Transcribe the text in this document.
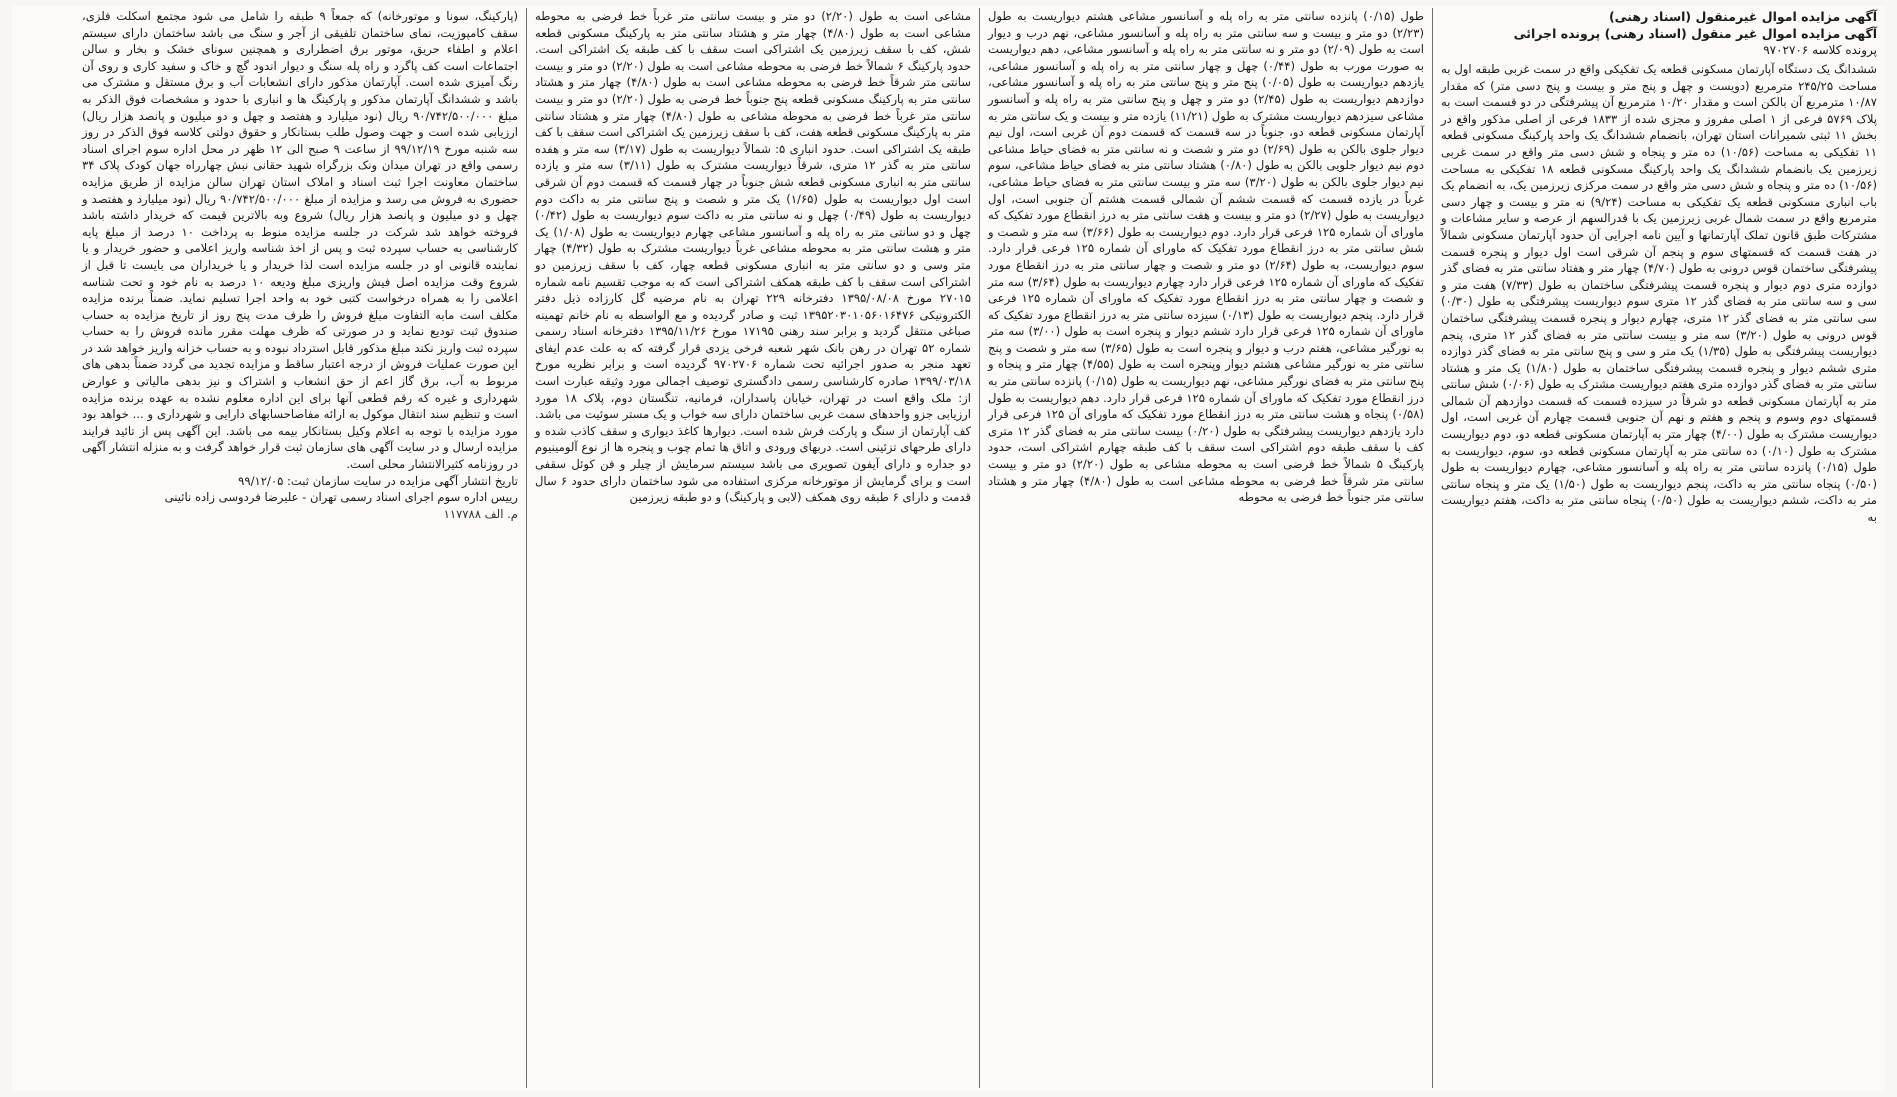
آگهی مزایده اموال غیرمنقول (اسناد رهنی)
آگهی مزایده اموال غیر منقول (اسناد رهنی) پرونده اجرائی
پرونده کلاسه ۹۷۰۲۷۰۶

ششدانگ یک دستگاه آپارتمان مسکونی قطعه یک تفکیکی واقع در سمت غربی طبقه اول به مساحت ۲۴۵/۲۵ مترمربع (دویست و چهل و پنج متر و بیست و پنج دسی متر) که مقدار ۱۰/۸۷ مترمربع آن بالکن است و مقدار ۱۰/۲۰ مترمربع آن پیشرفتگی در دو قسمت است به پلاک ۵۷۶۹ فرعی از ۱ اصلی مفروز و مجزی شده از ۱۸۳۳ فرعی از اصلی مذکور واقع در بخش ۱۱ ثبتی شمیرانات استان تهران، بانضمام ششدانگ یک واحد پارکینگ مسکونی قطعه ۱۱ تفکیکی به مساحت (۱۰/۵۶) ده متر و پنجاه و شش دسی متر واقع در سمت غربی زیرزمین یک بانضمام ششدانگ یک واحد پارکینگ مسکونی قطعه ۱۸ تفکیکی به مساحت (۱۰/۵۶) ده متر و پنجاه و شش دسی متر واقع در سمت مرکزی زیرزمین یک، به انضمام یک باب انباری مسکونی قطعه یک تفکیکی به مساحت (۹/۲۴) نه متر و بیست و چهار دسی مترمربع واقع در سمت شمال غربی زیرزمین یک با قدرالسهم از عرصه و سایر مشاعات و مشترکات طبق قانون تملک آپارتمانها و آیین نامه اجرایی آن حدود آپارتمان مسکونی شمالاً در هفت قسمت که قسمتهای سوم و پنجم آن شرقی است اول دیوار و پنجره قسمت پیشرفتگی ساختمان قوس درونی به طول (۴/۷۰) چهار متر و هفتاد سانتی متر به فضای گذر دوازده متری دوم دیوار و پنجره قسمت پیشرفتگی ساختمان به طول (۷/۳۳) هفت متر و سی و سه سانتی متر به فضای گذر ۱۲ متری سوم دیواریست پیشرفتگی به طول (۰/۳۰) سی سانتی متر به فضای گذر ۱۲ متری، چهارم دیوار و پنجره قسمت پیشرفتگی ساختمان قوس درونی به طول (۳/۲۰) سه متر و بیست سانتی متر به فضای گذر ۱۲ متری، پنجم دیواریست پیشرفتگی به طول (۱/۳۵) یک متر و سی و پنج سانتی متر به فضای گذر دوازده متری ششم دیوار و پنجره قسمت پیشرفتگی ساختمان به طول (۱/۸۰) یک متر و هشتاد سانتی متر به فضای گذر دوازده متری هفتم دیواریست مشترک به طول (۰/۰۶) شش سانتی متر به آپارتمان مسکونی قطعه دو شرقاً در سیزده قسمت که قسمت دوازدهم آن شمالی قسمتهای دوم وسوم و پنجم و هفتم و نهم آن جنوبی قسمت چهارم آن غربی است، اول دیواریست مشترک به طول (۴/۰۰) چهار متر به آپارتمان مسکونی قطعه دو، دوم دیواریست مشترک به طول (۰/۱۰) ده سانتی متر به آپارتمان مسکونی قطعه دو، سوم، دیواریست به طول (۰/۱۵) پانزده سانتی متر به راه پله و آسانسور مشاعی، چهارم دیواریست به طول (۰/۵۰) پنجاه سانتی متر به داکت، پنجم دیواریست به طول (۱/۵۰) یک متر و پنجاه سانتی متر به داکت، ششم دیواریست به طول (۰/۵۰) پنجاه سانتی متر به داکت، هفتم دیواریست به

طول (۰/۱۵) پانزده سانتی متر به راه پله و آسانسور مشاعی هشتم دیواریست به طول (۲/۲۳) دو متر و بیست و سه سانتی متر به راه پله و آسانسور مشاعی، نهم درب و دیوار است به طول (۲/۰۹) دو متر و نه سانتی متر به راه پله و آسانسور مشاعی، دهم دیواریست به صورت مورب به طول (۰/۴۴) چهل و چهار سانتی متر به راه پله و آسانسور مشاعی، یازدهم دیواریست به طول (۰/۰۵) پنج متر و پنج سانتی متر به راه پله و آسانسور مشاعی، دوازدهم دیواریست به طول (۲/۴۵) دو متر و چهل و پنج سانتی متر به راه پله و آسانسور مشاعی سیزدهم دیواریست مشترک به طول (۱۱/۲۱) یازده متر و بیست و یک سانتی متر به آپارتمان مسکونی قطعه دو، جنوباً در سه قسمت که قسمت دوم آن غربی است، اول نیم دیوار جلوی بالکن به طول (۲/۶۹) دو متر و شصت و نه سانتی متر به فضای حیاط مشاعی دوم نیم دیوار جلویی بالکن به طول (۰/۸۰) هشتاد سانتی متر به فضای حیاط مشاعی، سوم نیم دیوار جلوی بالکن به طول (۳/۲۰) سه متر و بیست سانتی متر به فضای حیاط مشاعی، غرباً در یازده قسمت که قسمت ششم آن شمالی قسمت هشتم آن جنوبی است، اول دیواریست به طول (۲/۲۷) دو متر و بیست و هفت سانتی متر به درز انقطاع مورد تفکیک که ماورای آن شماره ۱۲۵ فرعی قرار دارد. دوم دیواریست به طول (۳/۶۶) سه متر و شصت و شش سانتی متر به درز انقطاع مورد تفکیک که ماورای آن شماره ۱۲۵ فرعی قرار دارد. سوم دیواریست، به طول (۲/۶۴) دو متر و شصت و چهار سانتی متر به درز انقطاع مورد تفکیک که ماورای آن شماره ۱۲۵ فرعی قرار دارد چهارم دیواریست به طول (۳/۶۴) سه متر و شصت و چهار سانتی متر به درز انقطاع مورد تفکیک که ماورای آن شماره ۱۲۵ فرعی قرار دارد. پنجم دیواریست به طول (۰/۱۳) سیزده سانتی متر به درز انقطاع مورد تفکیک که ماورای آن شماره ۱۲۵ فرعی قرار دارد ششم دیوار و پنجره است به طول (۳/۰۰) سه متر به نورگیر مشاعی، هفتم درب و دیوار و پنجره است به طول (۳/۶۵) سه متر و شصت و پنج سانتی متر به نورگیر مشاعی هشتم دیوار وپنجره است به طول (۴/۵۵) چهار متر و پنجاه و پنج سانتی متر به فضای نورگیر مشاعی، نهم دیواریست به طول (۰/۱۵) پانزده سانتی متر به درز انقطاع مورد تفکیک که ماورای آن شماره ۱۲۵ فرعی قرار دارد. دهم دیواریست به طول (۰/۵۸) پنجاه و هشت سانتی متر به درز انقطاع مورد تفکیک که ماورای آن ۱۲۵ فرعی قرار دارد یازدهم دیواریست پیشرفتگی به طول (۰/۲۰) بیست سانتی متر به فضای گذر ۱۲ متری کف با سقف طبقه دوم اشتراکی است سقف با کف طبقه چهارم اشتراکی است، حدود پارکینگ ۵ شمالاً خط فرضی است به محوطه مشاعی به طول (۲/۲۰) دو متر و بیست سانتی متر شرقاً خط فرضی به محوطه مشاعی است به طول (۴/۸۰) چهار متر و هشتاد سانتی متر جنوباً خط فرضی به محوطه

مشاعی است به طول (۲/۲۰) دو متر و بیست سانتی متر غرباً خط فرضی به محوطه مشاعی است به طول (۴/۸۰) چهار متر و هشتاد سانتی متر به پارکینگ مسکونی قطعه شش، کف با سقف زیرزمین یک اشتراکی است سقف با کف طبقه یک اشتراکی است. حدود پارکینگ ۶ شمالاً خط فرضی به محوطه مشاعی است به طول (۲/۲۰) دو متر و بیست سانتی متر شرقاً خط فرضی به محوطه مشاعی است به طول (۴/۸۰) چهار متر و هشتاد سانتی متر به پارکینگ مسکونی قطعه پنج جنوباً خط فرضی به طول (۲/۲۰) دو متر و بیست سانتی متر غرباً خط فرضی به محوطه مشاعی به طول (۴/۸۰) چهار متر و هشتاد سانتی متر به پارکینگ مسکونی قطعه هفت، کف با سقف زیرزمین یک اشتراکی است سقف با کف طبقه یک اشتراکی است. حدود انباری ۵: شمالاً دیواریست به طول (۳/۱۷) سه متر و هفده سانتی متر به گذر ۱۲ متری، شرقاً دیواریست مشترک به طول (۳/۱۱) سه متر و یازده سانتی متر به انباری مسکونی قطعه شش جنوباً در چهار قسمت که قسمت دوم آن شرقی است اول دیواریست به طول (۱/۶۵) یک متر و شصت و پنج سانتی متر به داکت دوم دیواریست به طول (۰/۴۹) چهل و نه سانتی متر به داکت سوم دیواریست به طول (۰/۴۲) چهل و دو سانتی متر به راه پله و آسانسور مشاعی چهارم دیواریست به طول (۱/۰۸) یک متر و هشت سانتی متر به محوطه مشاعی غرباً دیواریست مشترک به طول (۴/۳۲) چهار متر وسی و دو سانتی متر به انباری مسکونی قطعه چهار، کف با سقف زیرزمین دو اشتراکی است سقف با کف طبقه همکف اشتراکی است که به موجب تقسیم نامه شماره ۲۷۰۱۵ مورخ ۱۳۹۵/۰۸/۰۸ دفترخانه ۲۲۹ تهران به نام مرضیه گل کارزاده ذیل دفتر الکترونیکی ۱۳۹۵۲۰۳۰۱۰۵۶۰۱۶۴۷۶ ثبت و صادر گردیده و مع الواسطه به نام خانم تهمینه صباغی منتقل گردید و برابر سند رهنی ۱۷۱۹۵ مورخ ۱۳۹۵/۱۱/۲۶ دفترخانه اسناد رسمی شماره ۵۲ تهران در رهن بانک شهر شعبه فرخی یزدی قرار گرفته که به علت عدم ایفای تعهد منجر به صدور اجرائیه تحت شماره ۹۷۰۲۷۰۶ گردیده است و برابر نظریه مورخ ۱۳۹۹/۰۳/۱۸ صادره کارشناسی رسمی دادگستری توصیف اجمالی مورد وثیقه عبارت است از: ملک واقع است در تهران، خیابان پاسداران، فرمانیه، تنگستان دوم، پلاک ۱۸ مورد ارزیابی جزو واحدهای سمت غربی ساختمان دارای سه خواب و یک مستر سوئیت می باشد. کف آپارتمان از سنگ و پارکت فرش شده است. دیوارها کاغذ دیواری و سقف کاذب شده و دارای طرحهای تزئینی است. دربهای ورودی و اتاق ها تمام چوب و پنجره ها از نوع آلومینیوم دو جداره و دارای آیفون تصویری می باشد سیستم سرمایش از چیلر و فن کوئل سقفی است و برای گرمایش از موتورخانه مرکزی استفاده می شود ساختمان دارای حدود ۶ سال قدمت و دارای ۶ طبقه روی همکف (لابی و پارکینگ) و دو طبقه زیرزمین

(پارکینگ، سونا و موتورخانه) که جمعاً ۹ طبقه را شامل می شود مجتمع اسکلت فلزی، سقف کامپوزیت، نمای ساختمان تلفیقی از آجر و سنگ می باشد ساختمان دارای سیستم اعلام و اطفاء حریق، موتور برق اضطراری و همچنین سونای خشک و بخار و سالن اجتماعات است کف پاگرد و راه پله سنگ و دیوار اندود گچ و خاک و سفید کاری و روی آن رنگ آمیزی شده است. آپارتمان مذکور دارای انشعابات آب و برق مستقل و مشترک می باشد و ششدانگ آپارتمان مذکور و پارکینگ ها و انباری با حدود و مشخصات فوق الذکر به مبلغ ۹۰/۷۴۲/۵۰۰/۰۰۰ ریال (نود میلیارد و هفتصد و چهل و دو میلیون و پانصد هزار ریال) ارزیابی شده است و جهت وصول طلب بستانکار و حقوق دولتی کلاسه فوق الذکر در روز سه شنبه مورخ ۹۹/۱۲/۱۹ از ساعت ۹ صبح الی ۱۲ ظهر در محل اداره سوم اجرای اسناد رسمی واقع در تهران میدان ونک بزرگراه شهید حقانی نبش چهارراه جهان کودک پلاک ۳۴ ساختمان معاونت اجرا ثبت اسناد و املاک استان تهران سالن مزایده از طریق مزایده حضوری به فروش می رسد و مزایده از مبلغ ۹۰/۷۴۲/۵۰۰/۰۰۰ ریال (نود میلیارد و هفتصد و چهل و دو میلیون و پانصد هزار ریال) شروع وبه بالاترین قیمت که خریدار داشته باشد فروخته خواهد شد شرکت در جلسه مزایده منوط به پرداخت ۱۰ درصد از مبلغ پایه کارشناسی به حساب سپرده ثبت و پس از اخذ شناسه واریز اعلامی و حضور خریدار و یا نماینده قانونی او در جلسه مزایده است لذا خریدار و یا خریداران می بایست تا قبل از شروع وقت مزایده اصل فیش واریزی مبلغ ودیعه ۱۰ درصد به نام خود و تحت شناسه اعلامی را به همراه درخواست کتبی خود به واحد اجرا تسلیم نماید. ضمناً برنده مزایده مکلف است مابه التفاوت مبلغ فروش را ظرف مدت پنج روز از تاریخ مزایده به حساب صندوق ثبت تودیع نماید و در صورتی که ظرف مهلت مقرر مانده فروش را به حساب سپرده ثبت واریز نکند مبلغ مذکور قابل استرداد نبوده و به حساب خزانه واریز خواهد شد در این صورت عملیات فروش از درجه اعتبار ساقط و مزایده تجدید می گردد ضمناً بدهی های مربوط به آب، برق گاز اعم از حق انشعاب و اشتراک و نیز بدهی مالیاتی و عوارض شهرداری و غیره که رقم قطعی آنها برای این اداره معلوم نشده به عهده برنده مزایده است و تنظیم سند انتقال موکول به ارائه مفاصاحسابهای دارایی و شهرداری و ... خواهد بود مورد مزایده با توجه به اعلام وکیل بستانکار بیمه می باشد. این آگهی پس از تائید فرایند مزایده ارسال و در سایت آگهی های سازمان ثبت قرار خواهد گرفت و به منزله انتشار آگهی در روزنامه کثیرالانتشار محلی است.

تاریخ انتشار آگهی مزایده در سایت سازمان ثبت: ۹۹/۱۲/۰۵

رییس اداره سوم اجرای اسناد رسمی تهران - علیرضا فردوسی زاده نائینی

م. الف ۱۱۷۷۸۸
